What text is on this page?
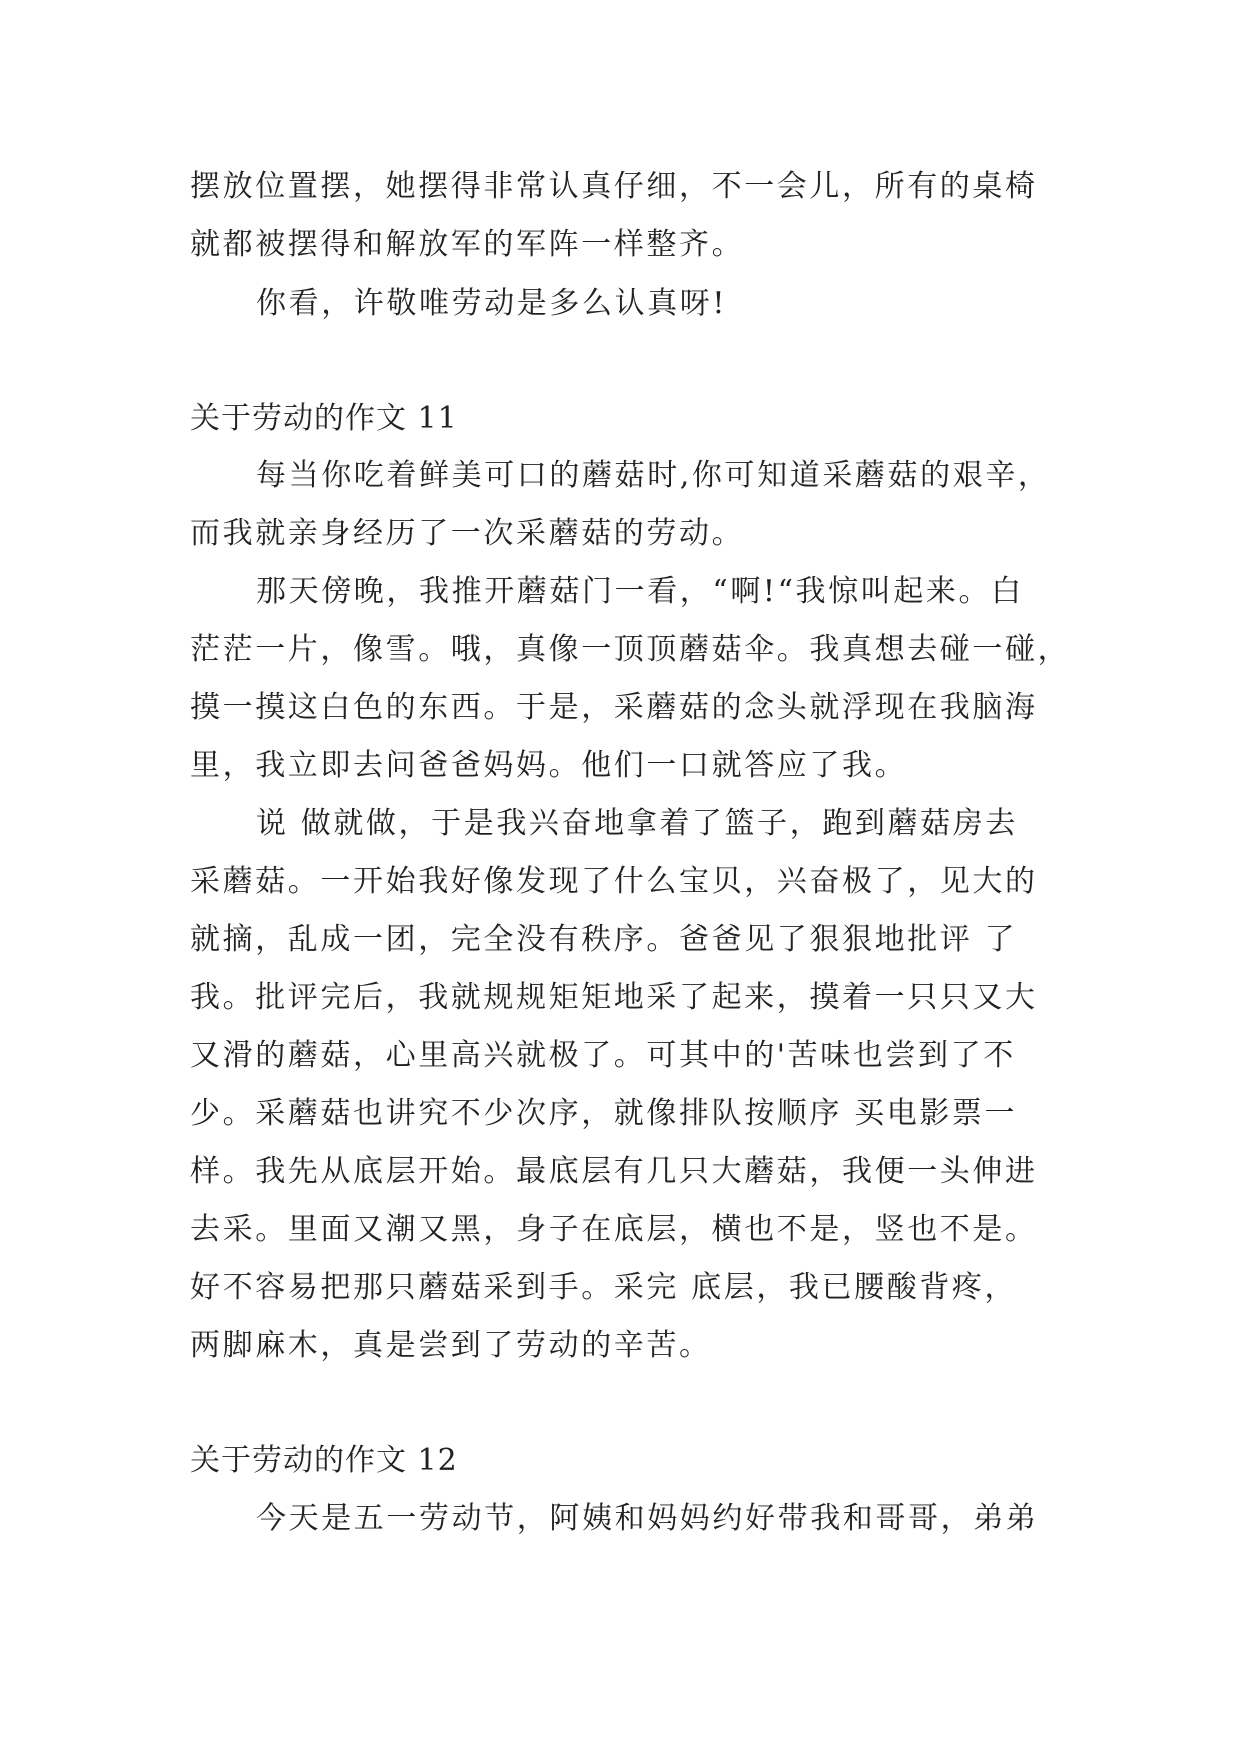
摆放位置摆，她摆得非常认真仔细，不一会儿，所有的桌椅
就都被摆得和解放军的军阵一样整齐。
你看，许敬唯劳动是多么认真呀!
关于劳动的作文 11
每当你吃着鲜美可口的蘑菇时,你可知道采蘑菇的艰辛，
而我就亲身经历了一次采蘑菇的劳动。
那天傍晚，我推开蘑菇门一看，“啊!“我惊叫起来。白
茫茫一片，像雪。哦，真像一顶顶蘑菇伞。我真想去碰一碰，
摸一摸这白色的东西。于是，采蘑菇的念头就浮现在我脑海
里，我立即去问爸爸妈妈。他们一口就答应了我。
说 做就做，于是我兴奋地拿着了篮子，跑到蘑菇房去
采蘑菇。一开始我好像发现了什么宝贝，兴奋极了，见大的
就摘，乱成一团，完全没有秩序。爸爸见了狠狠地批评 了
我。批评完后，我就规规矩矩地采了起来，摸着一只只又大
又滑的蘑菇，心里高兴就极了。可其中的'苦味也尝到了不
少。采蘑菇也讲究不少次序，就像排队按顺序 买电影票一
样。我先从底层开始。最底层有几只大蘑菇，我便一头伸进
去采。里面又潮又黑，身子在底层，横也不是，竖也不是。
好不容易把那只蘑菇采到手。采完 底层，我已腰酸背疼，
两脚麻木，真是尝到了劳动的辛苦。
关于劳动的作文 12
今天是五一劳动节，阿姨和妈妈约好带我和哥哥，弟弟
